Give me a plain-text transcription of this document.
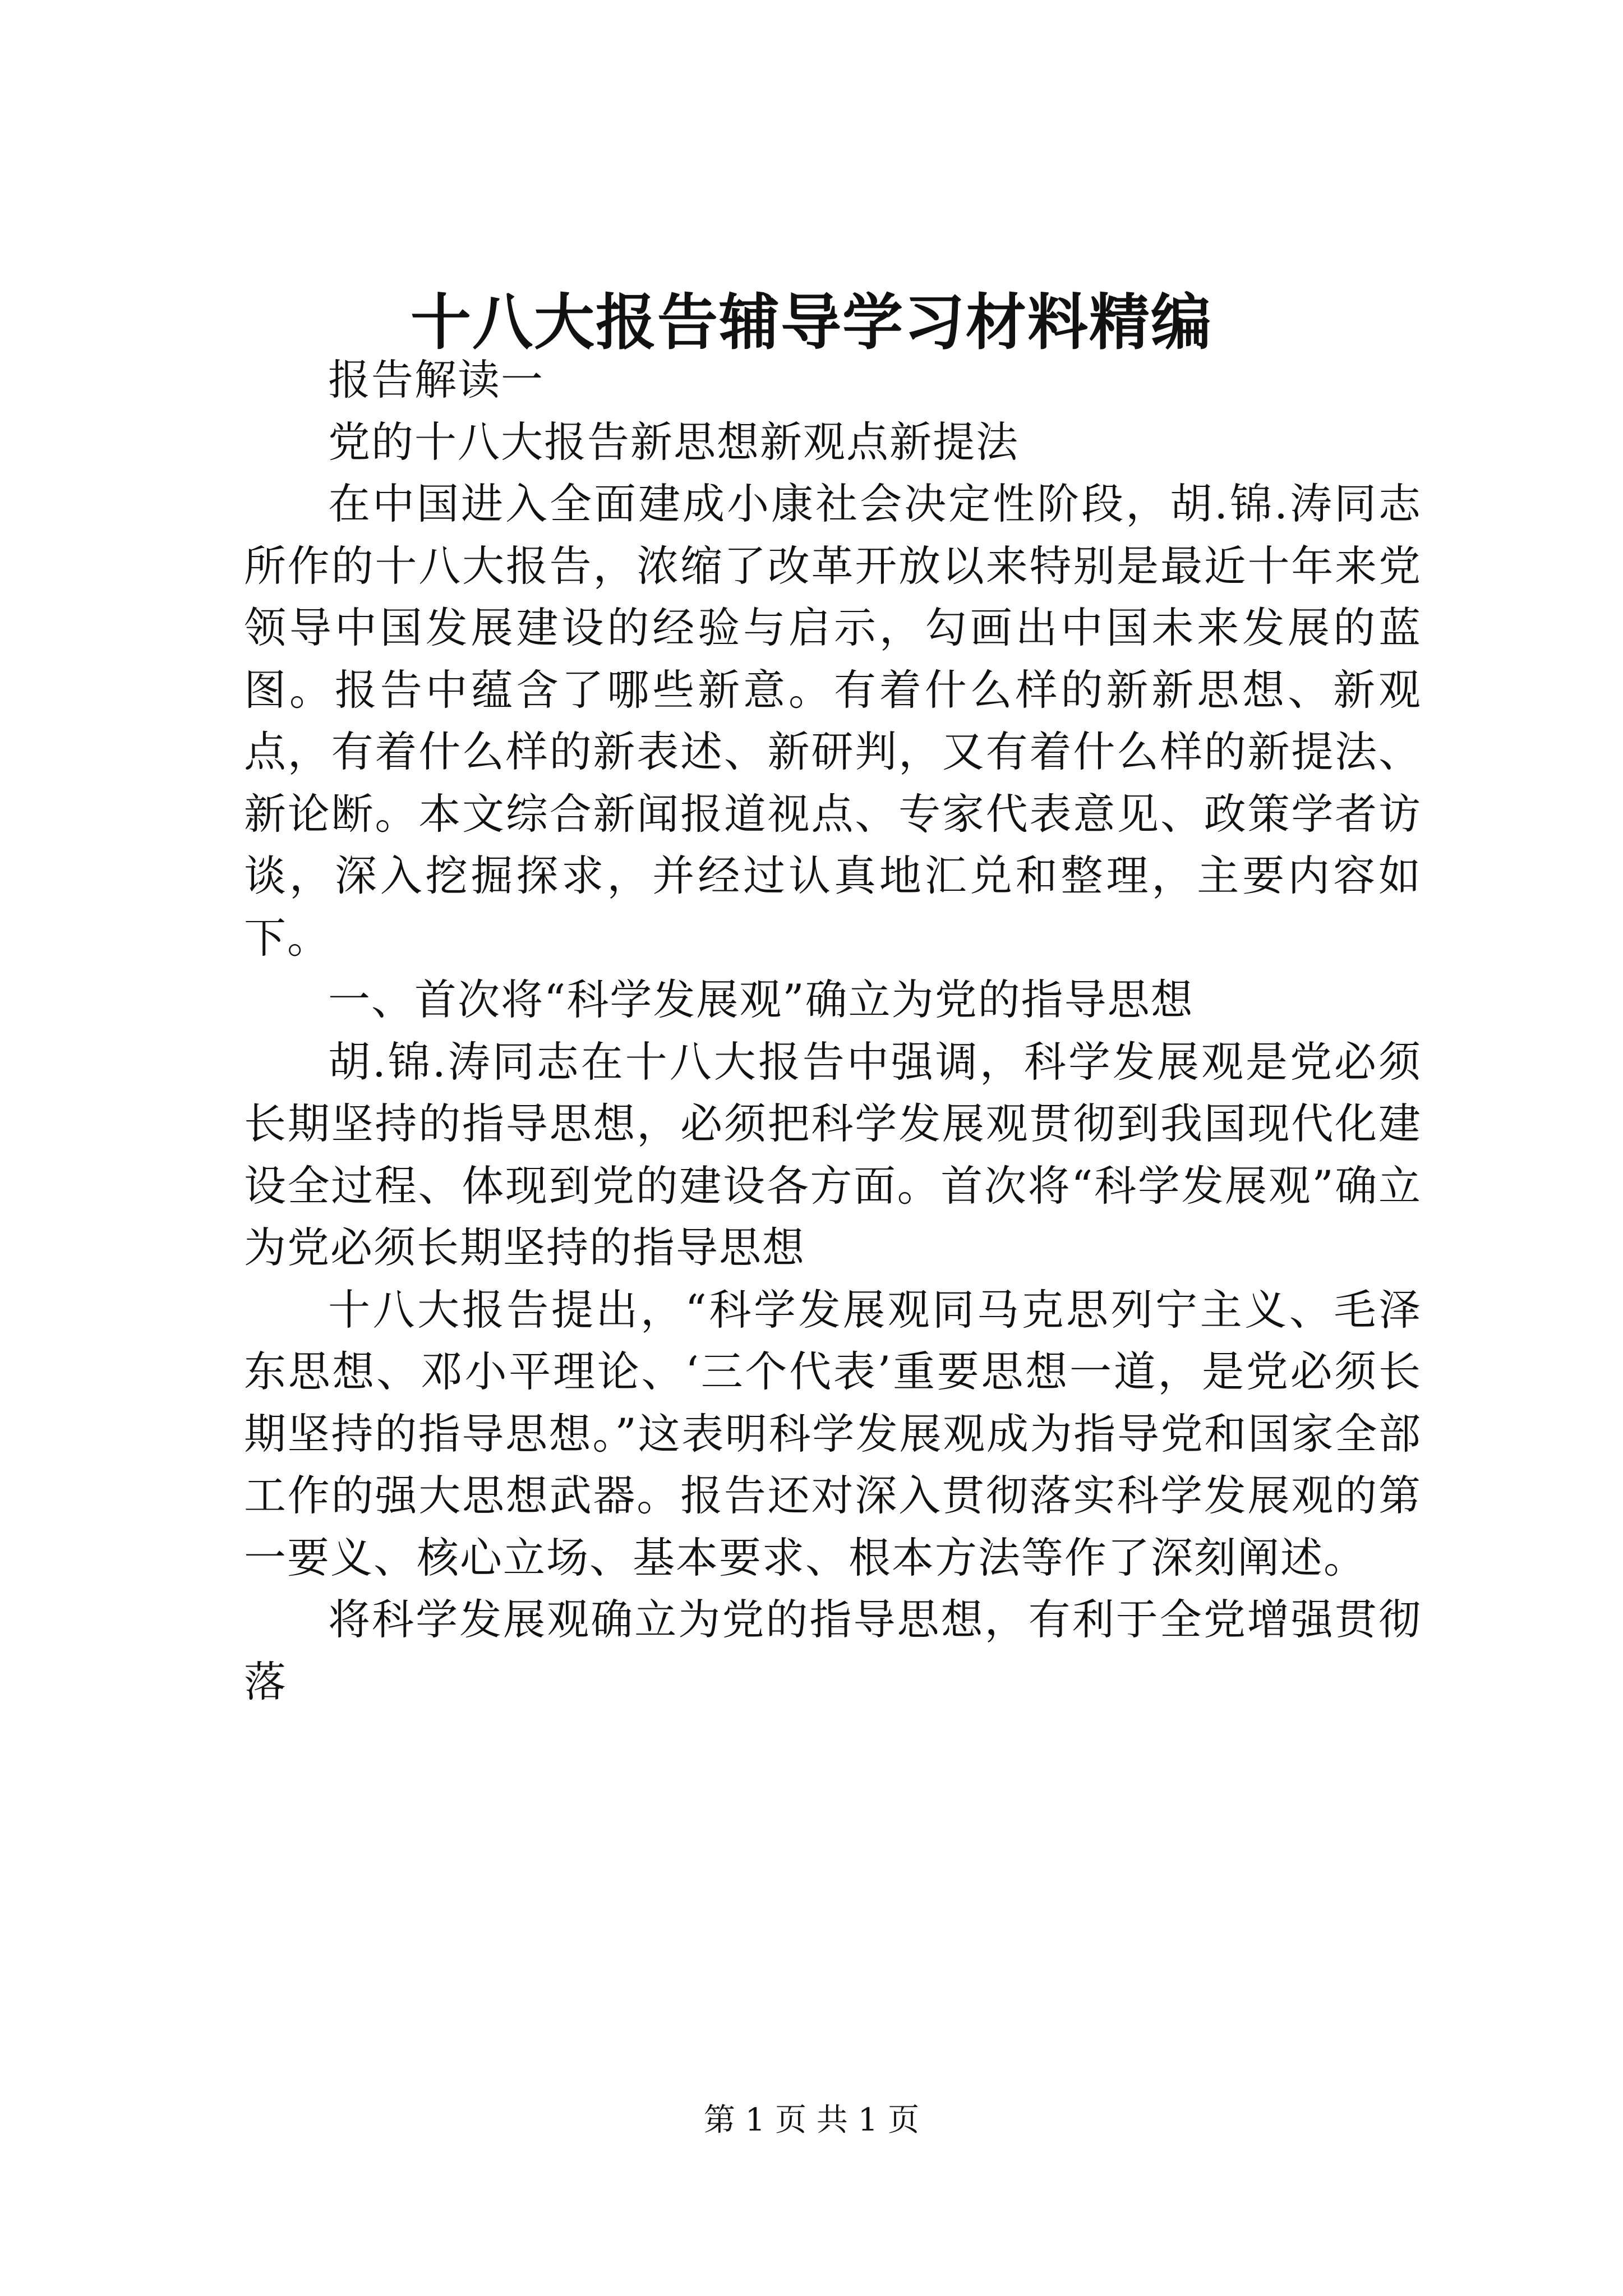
十八大报告辅导学习材料精编

报告解读一

党的十八大报告新思想新观点新提法

在中国进入全面建成小康社会决定性阶段，胡.锦.涛同志所作的十八大报告，浓缩了改革开放以来特别是最近十年来党领导中国发展建设的经验与启示，勾画出中国未来发展的蓝图。报告中蕴含了哪些新意。有着什么样的新新思想、新观点，有着什么样的新表述、新研判，又有着什么样的新提法、新论断。本文综合新闻报道视点、专家代表意见、政策学者访谈，深入挖掘探求，并经过认真地汇兑和整理，主要内容如下。

一、首次将“科学发展观”确立为党的指导思想

胡.锦.涛同志在十八大报告中强调，科学发展观是党必须长期坚持的指导思想，必须把科学发展观贯彻到我国现代化建设全过程、体现到党的建设各方面。首次将“科学发展观”确立为党必须长期坚持的指导思想

十八大报告提出，“科学发展观同马克思列宁主义、毛泽东思想、邓小平理论、‘三个代表’重要思想一道，是党必须长期坚持的指导思想。”这表明科学发展观成为指导党和国家全部工作的强大思想武器。报告还对深入贯彻落实科学发展观的第一要义、核心立场、基本要求、根本方法等作了深刻阐述。

将科学发展观确立为党的指导思想，有利于全党增强贯彻落

第 1 页 共 1 页
